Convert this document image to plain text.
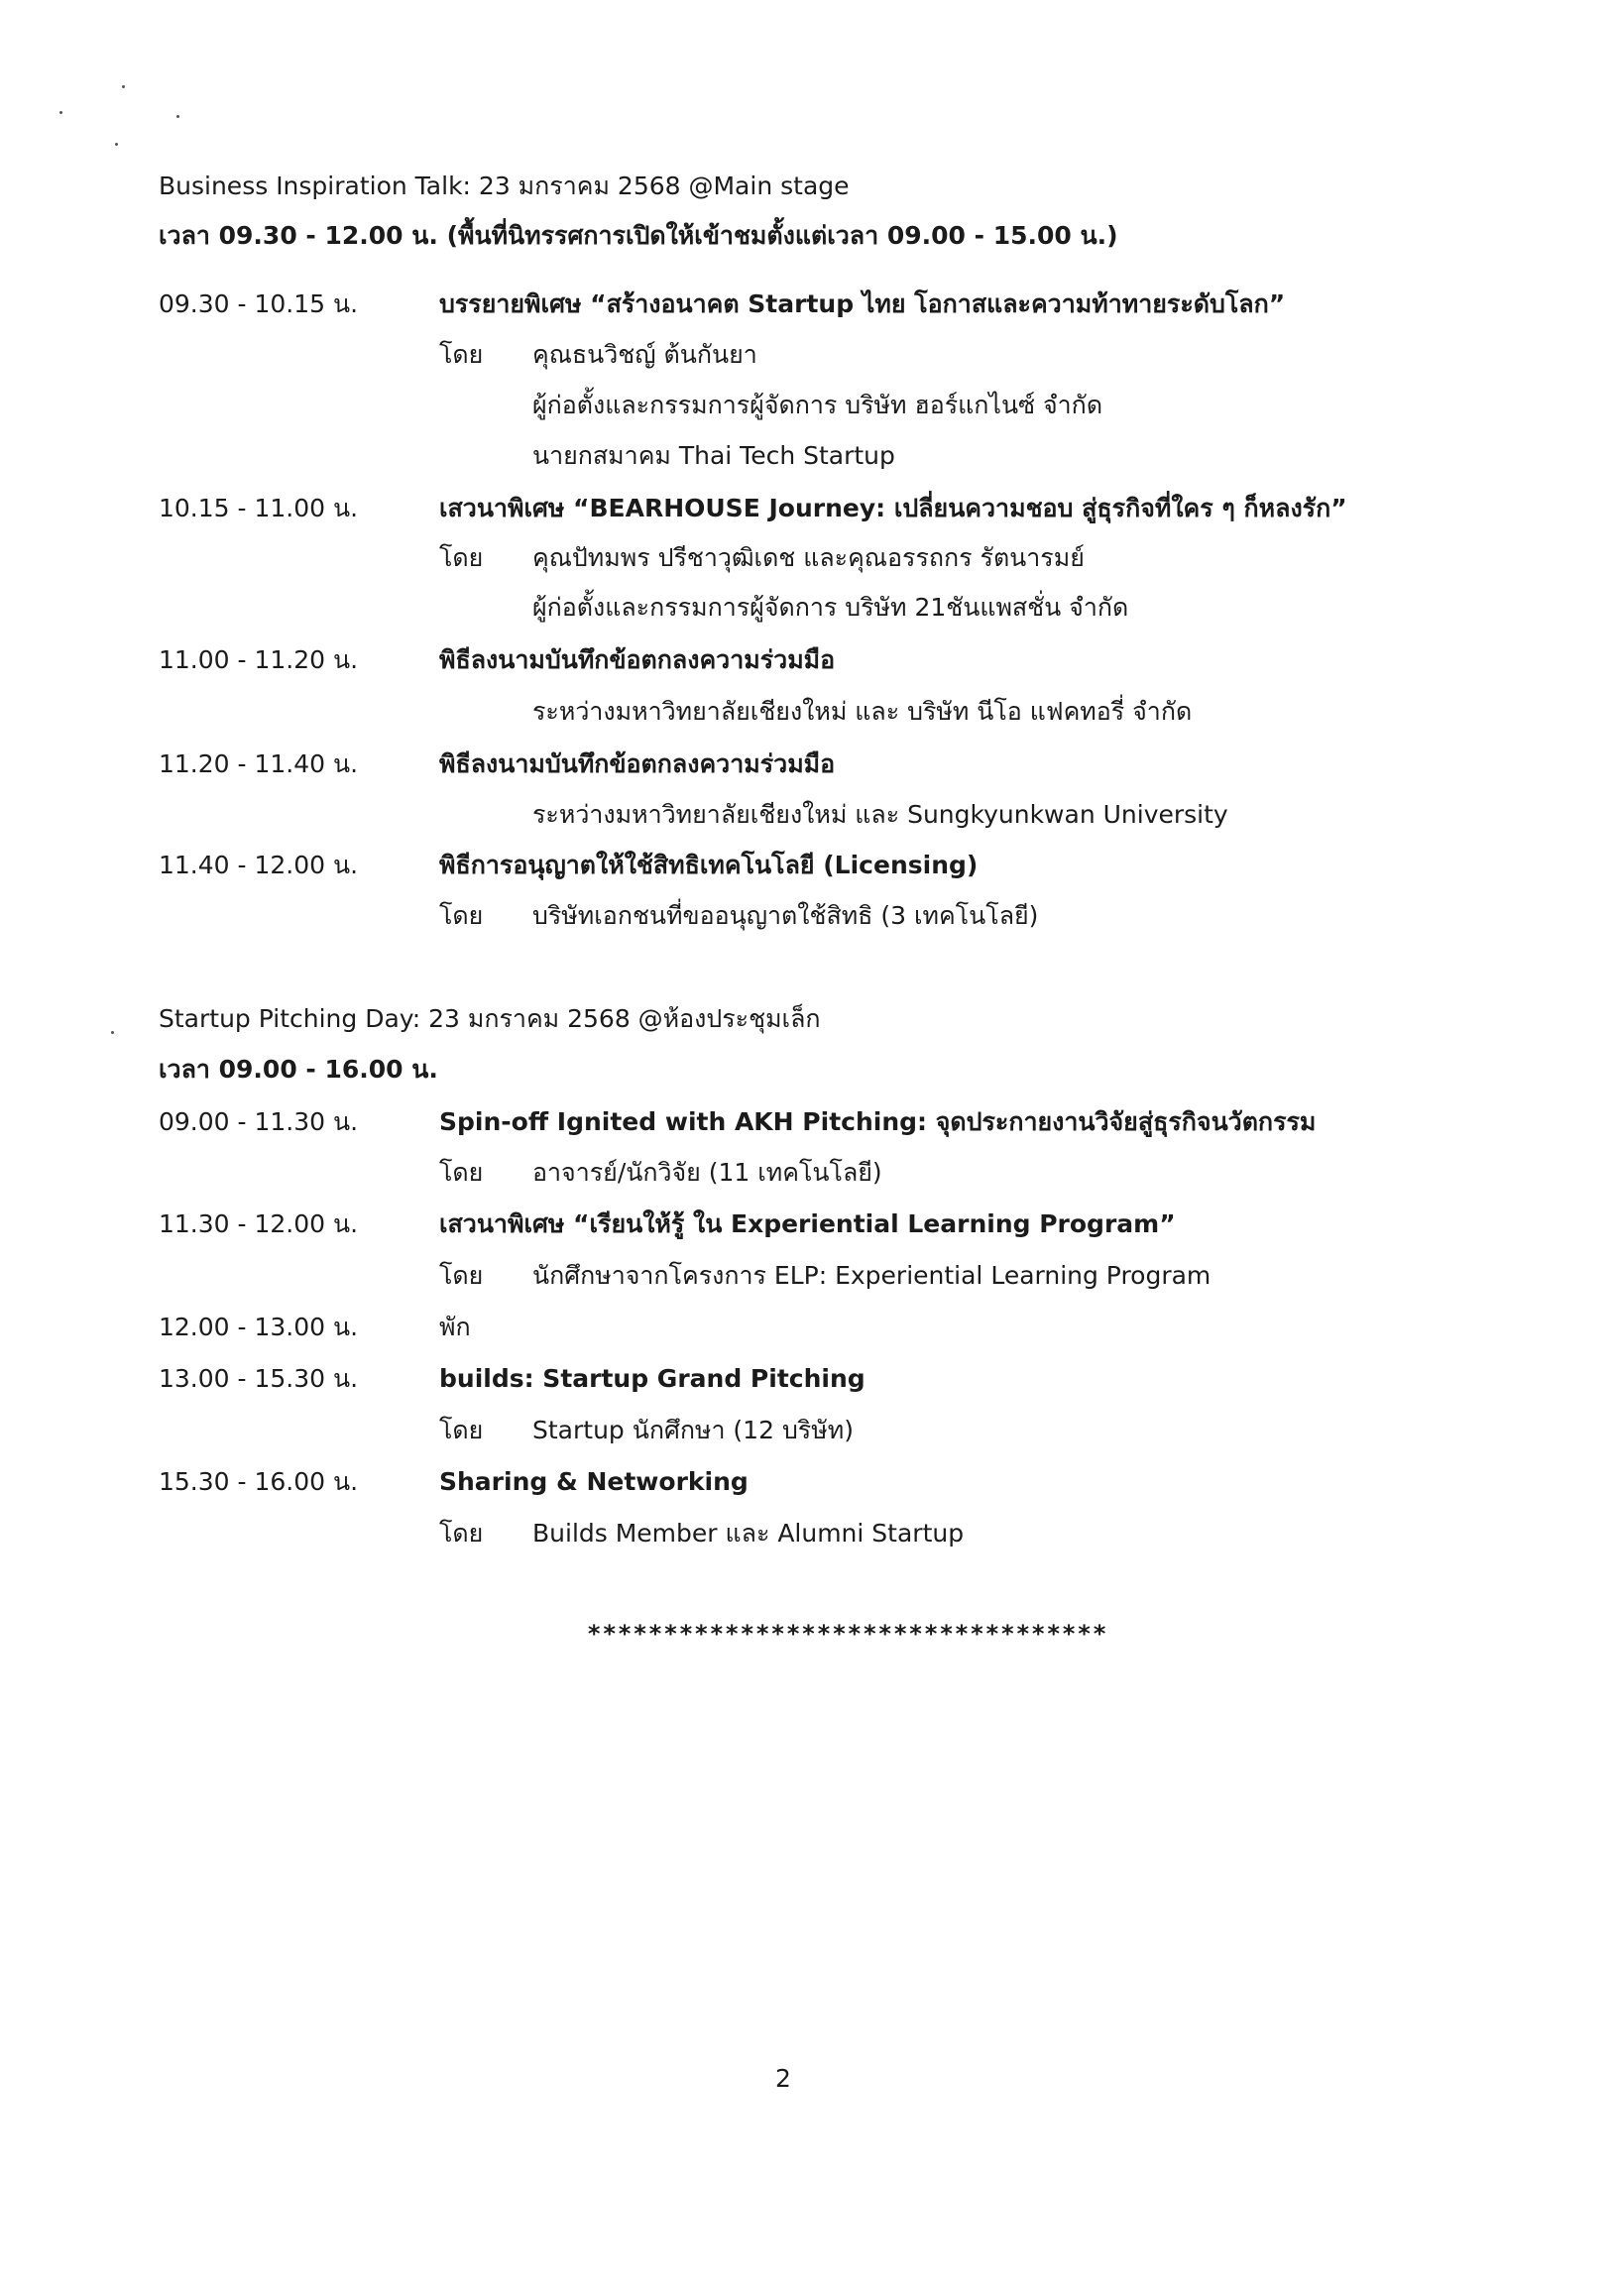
Business Inspiration Talk: 23 มกราคม 2568 @Main stage
เวลา 09.30 - 12.00 น. (พื้นที่นิทรรศการเปิดให้เข้าชมตั้งแต่เวลา 09.00 - 15.00 น.)
09.30 - 10.15 น.	บรรยายพิเศษ “สร้างอนาคต Startup ไทย โอกาสและความท้าทายระดับโลก”
โดย คุณธนวิชญ์ ต้นกันยา
ผู้ก่อตั้งและกรรมการผู้จัดการ บริษัท ฮอร์แกไนซ์ จำกัด
นายกสมาคม Thai Tech Startup
10.15 - 11.00 น.	เสวนาพิเศษ “BEARHOUSE Journey: เปลี่ยนความชอบ สู่ธุรกิจที่ใคร ๆ ก็หลงรัก”
โดย คุณปัทมพร ปรีชาวุฒิเดช และคุณอรรถกร รัตนารมย์
ผู้ก่อตั้งและกรรมการผู้จัดการ บริษัท 21ชันแพสชั่น จำกัด
11.00 - 11.20 น.	พิธีลงนามบันทึกข้อตกลงความร่วมมือ
ระหว่างมหาวิทยาลัยเชียงใหม่ และ บริษัท นีโอ แฟคทอรี่ จำกัด
11.20 - 11.40 น.	พิธีลงนามบันทึกข้อตกลงความร่วมมือ
ระหว่างมหาวิทยาลัยเชียงใหม่ และ Sungkyunkwan University
11.40 - 12.00 น.	พิธีการอนุญาตให้ใช้สิทธิเทคโนโลยี (Licensing)
โดย บริษัทเอกชนที่ขออนุญาตใช้สิทธิ (3 เทคโนโลยี)
Startup Pitching Day: 23 มกราคม 2568 @ห้องประชุมเล็ก
เวลา 09.00 - 16.00 น.
09.00 - 11.30 น.	Spin-off Ignited with AKH Pitching: จุดประกายงานวิจัยสู่ธุรกิจนวัตกรรม
โดย อาจารย์/นักวิจัย (11 เทคโนโลยี)
11.30 - 12.00 น.	เสวนาพิเศษ “เรียนให้รู้ ใน Experiential Learning Program”
โดย นักศึกษาจากโครงการ ELP: Experiential Learning Program
12.00 - 13.00 น.	พัก
13.00 - 15.30 น.	builds: Startup Grand Pitching
โดย Startup นักศึกษา (12 บริษัท)
15.30 - 16.00 น.	Sharing & Networking
โดย Builds Member และ Alumni Startup
**********************************
2
